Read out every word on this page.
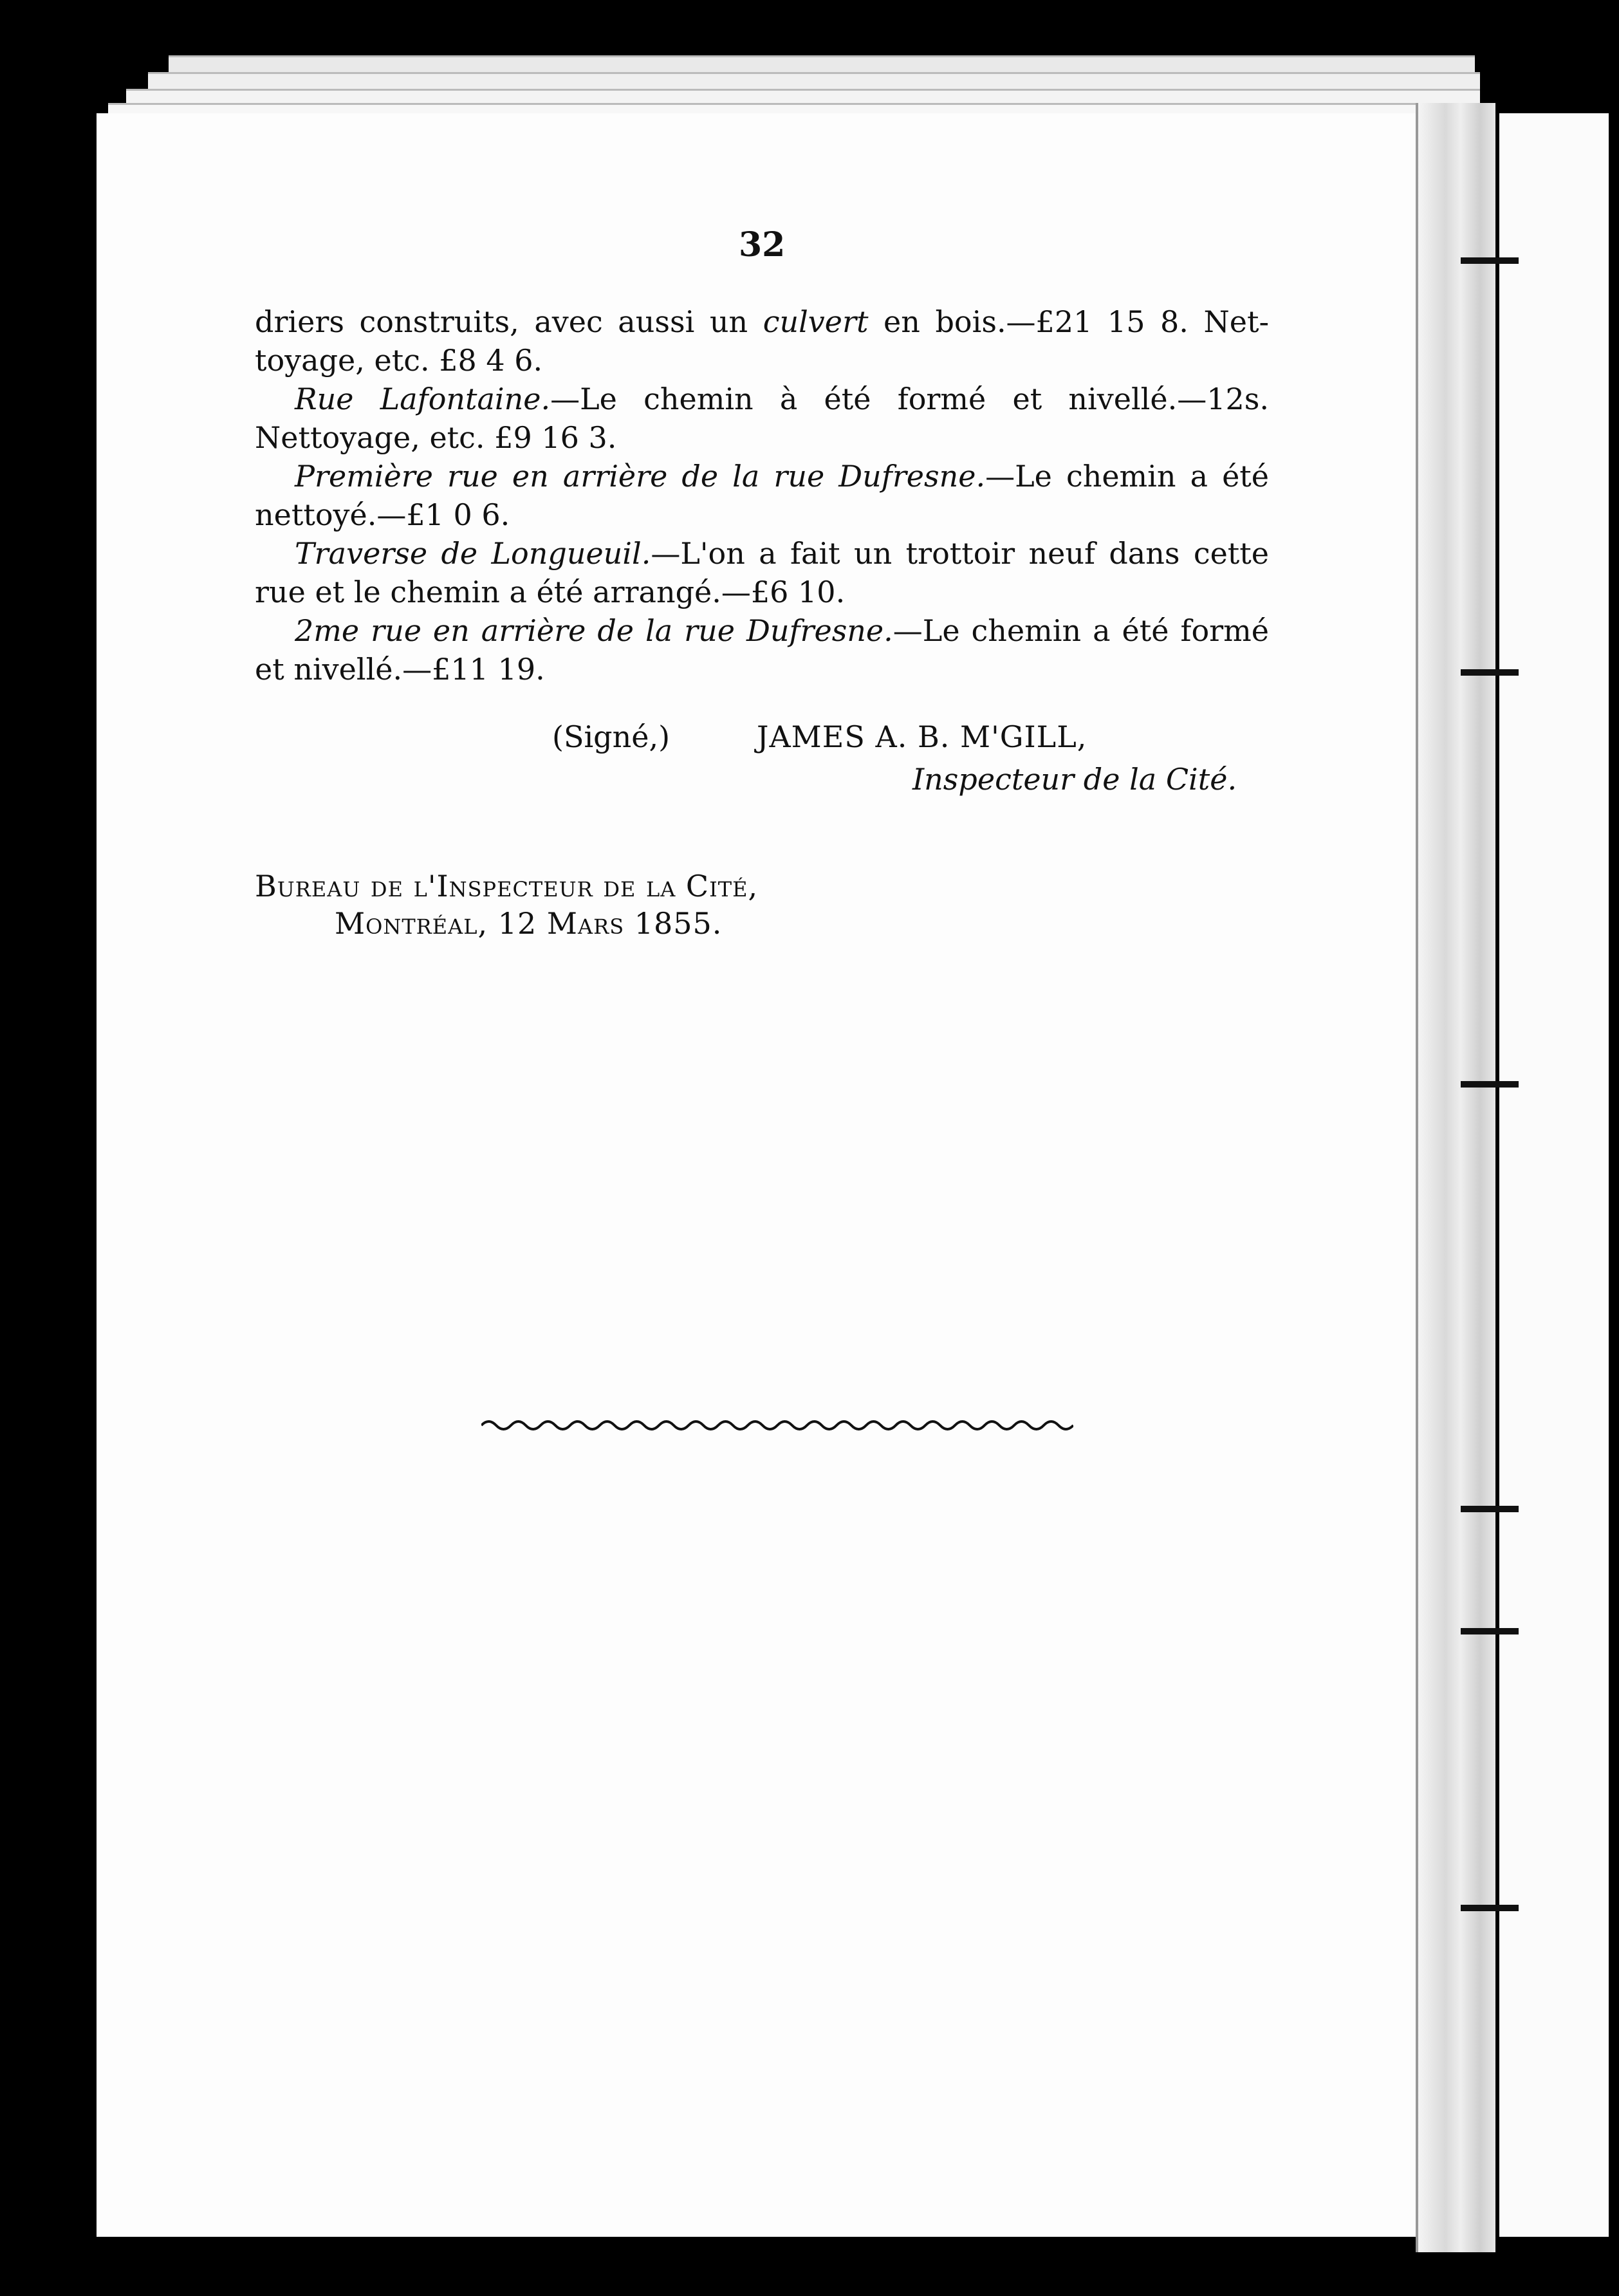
32
driers construits, avec aussi un culvert en bois.—£21 15 8. Net-
toyage, etc. £8 4 6.
Rue Lafontaine.—Le chemin à été formé et nivellé.—12s.
Nettoyage, etc. £9 16 3.
Première rue en arrière de la rue Dufresne.—Le chemin a été
nettoyé.—£1 0 6.
Traverse de Longueuil.—L'on a fait un trottoir neuf dans cette
rue et le chemin a été arrangé.—£6 10.
2me rue en arrière de la rue Dufresne.—Le chemin a été formé
et nivellé.—£11 19.
(Signé,)	JAMES A. B. M'GILL,
Inspecteur de la Cité.
Bureau de l'Inspecteur de la Cité,
Montréal, 12 Mars 1855.
